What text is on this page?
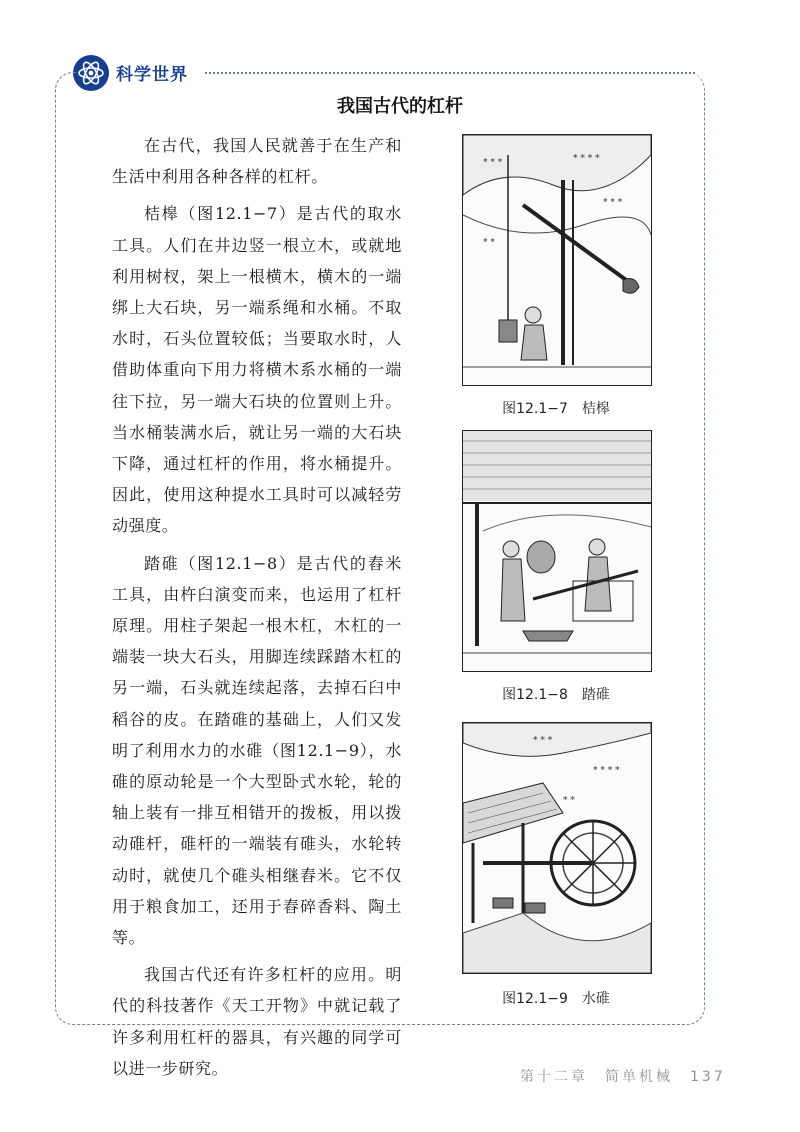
科学世界
我国古代的杠杆

在古代，我国人民就善于在生产和生活中利用各种各样的杠杆。

桔槔（图12.1−7）是古代的取水工具。人们在井边竖一根立木，或就地利用树杈，架上一根横木，横木的一端绑上大石块，另一端系绳和水桶。不取水时，石头位置较低；当要取水时，人借助体重向下用力将横木系水桶的一端往下拉，另一端大石块的位置则上升。当水桶装满水后，就让另一端的大石块下降，通过杠杆的作用，将水桶提升。因此，使用这种提水工具时可以减轻劳动强度。

踏碓（图12.1−8）是古代的舂米工具，由杵臼演变而来，也运用了杠杆原理。用柱子架起一根木杠，木杠的一端装一块大石头，用脚连续踩踏木杠的另一端，石头就连续起落，去掉石臼中稻谷的皮。在踏碓的基础上，人们又发明了利用水力的水碓（图12.1−9），水碓的原动轮是一个大型卧式水轮，轮的轴上装有一排互相错开的拨板，用以拨动碓杆，碓杆的一端装有碓头，水轮转动时，就使几个碓头相继舂米。它不仅用于粮食加工，还用于舂碎香料、陶土等。

我国古代还有许多杠杆的应用。明代的科技著作《天工开物》中就记载了许多利用杠杆的器具，有兴趣的同学可以进一步研究。

* * *	* * * *
* * *
* *
图12.1−7　桔槔
图12.1−8　踏碓
* * *
* * * *
* *
图12.1−9　水碓
第十二章　简单机械　137
